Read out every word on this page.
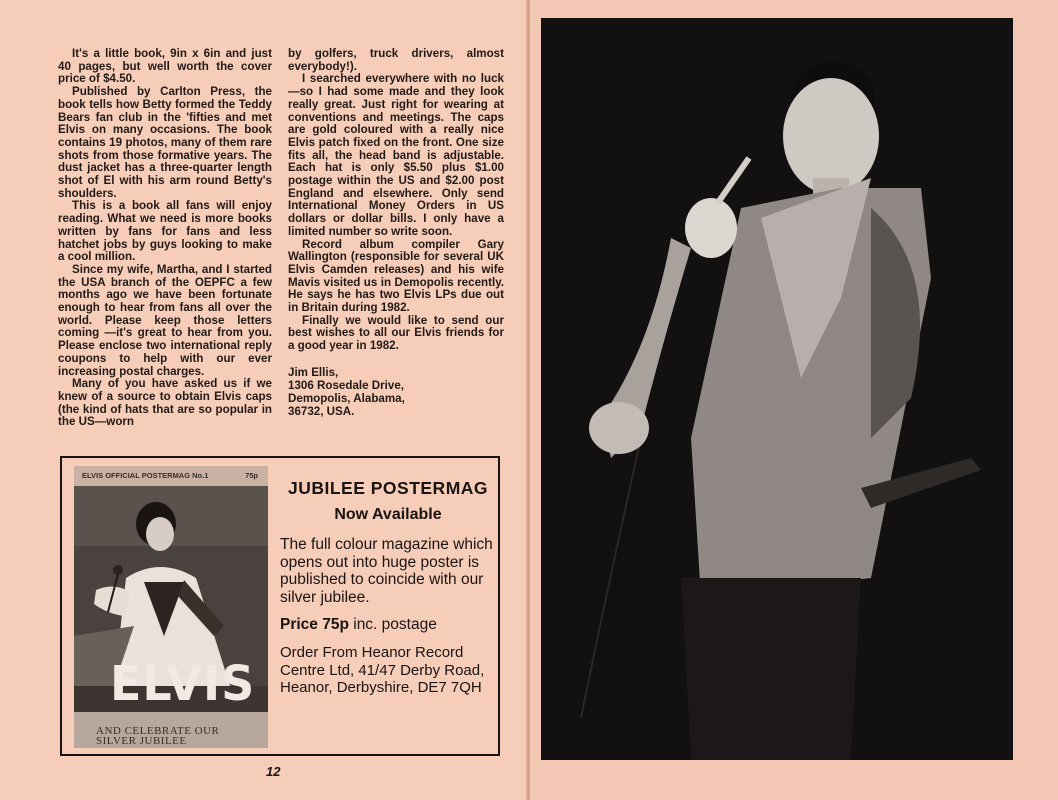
It's a little book, 9in x 6in and just 40 pages, but well worth the cover price of $4.50.

Published by Carlton Press, the book tells how Betty formed the Teddy Bears fan club in the 'fifties and met Elvis on many occasions. The book contains 19 photos, many of them rare shots from those formative years. The dust jacket has a three-quarter length shot of El with his arm round Betty's shoulders.

This is a book all fans will enjoy reading. What we need is more books written by fans for fans and less hatchet jobs by guys looking to make a cool million.

Since my wife, Martha, and I started the USA branch of the OEPFC a few months ago we have been fortunate enough to hear from fans all over the world. Please keep those letters coming —it's great to hear from you. Please enclose two international reply coupons to help with our ever increasing postal charges.

Many of you have asked us if we knew of a source to obtain Elvis caps (the kind of hats that are so popular in the US—worn

by golfers, truck drivers, almost everybody!).

I searched everywhere with no luck—so I had some made and they look really great. Just right for wearing at conventions and meetings. The caps are gold coloured with a really nice Elvis patch fixed on the front. One size fits all, the head band is adjustable. Each hat is only $5.50 plus $1.00 postage within the US and $2.00 post England and elsewhere. Only send International Money Orders in US dollars or dollar bills. I only have a limited number so write soon.

Record album compiler Gary Wallington (responsible for several UK Elvis Camden releases) and his wife Mavis visited us in Demopolis recently. He says he has two Elvis LPs due out in Britain during 1982.

Finally we would like to send our best wishes to all our Elvis friends for a good year in 1982.

Jim Ellis,
1306 Rosedale Drive,
Demopolis, Alabama,
36732, USA.
ELVIS OFFICIAL POSTERMAG No.1	75p
ELVIS
AND CELEBRATE OUR
SILVER JUBILEE
JUBILEE POSTERMAG
Now Available
The full colour magazine which opens out into huge poster is published to coincide with our silver jubilee.
Price 75p inc. postage
Order From Heanor Record Centre Ltd, 41/47 Derby Road, Heanor, Derbyshire, DE7 7QH
12
